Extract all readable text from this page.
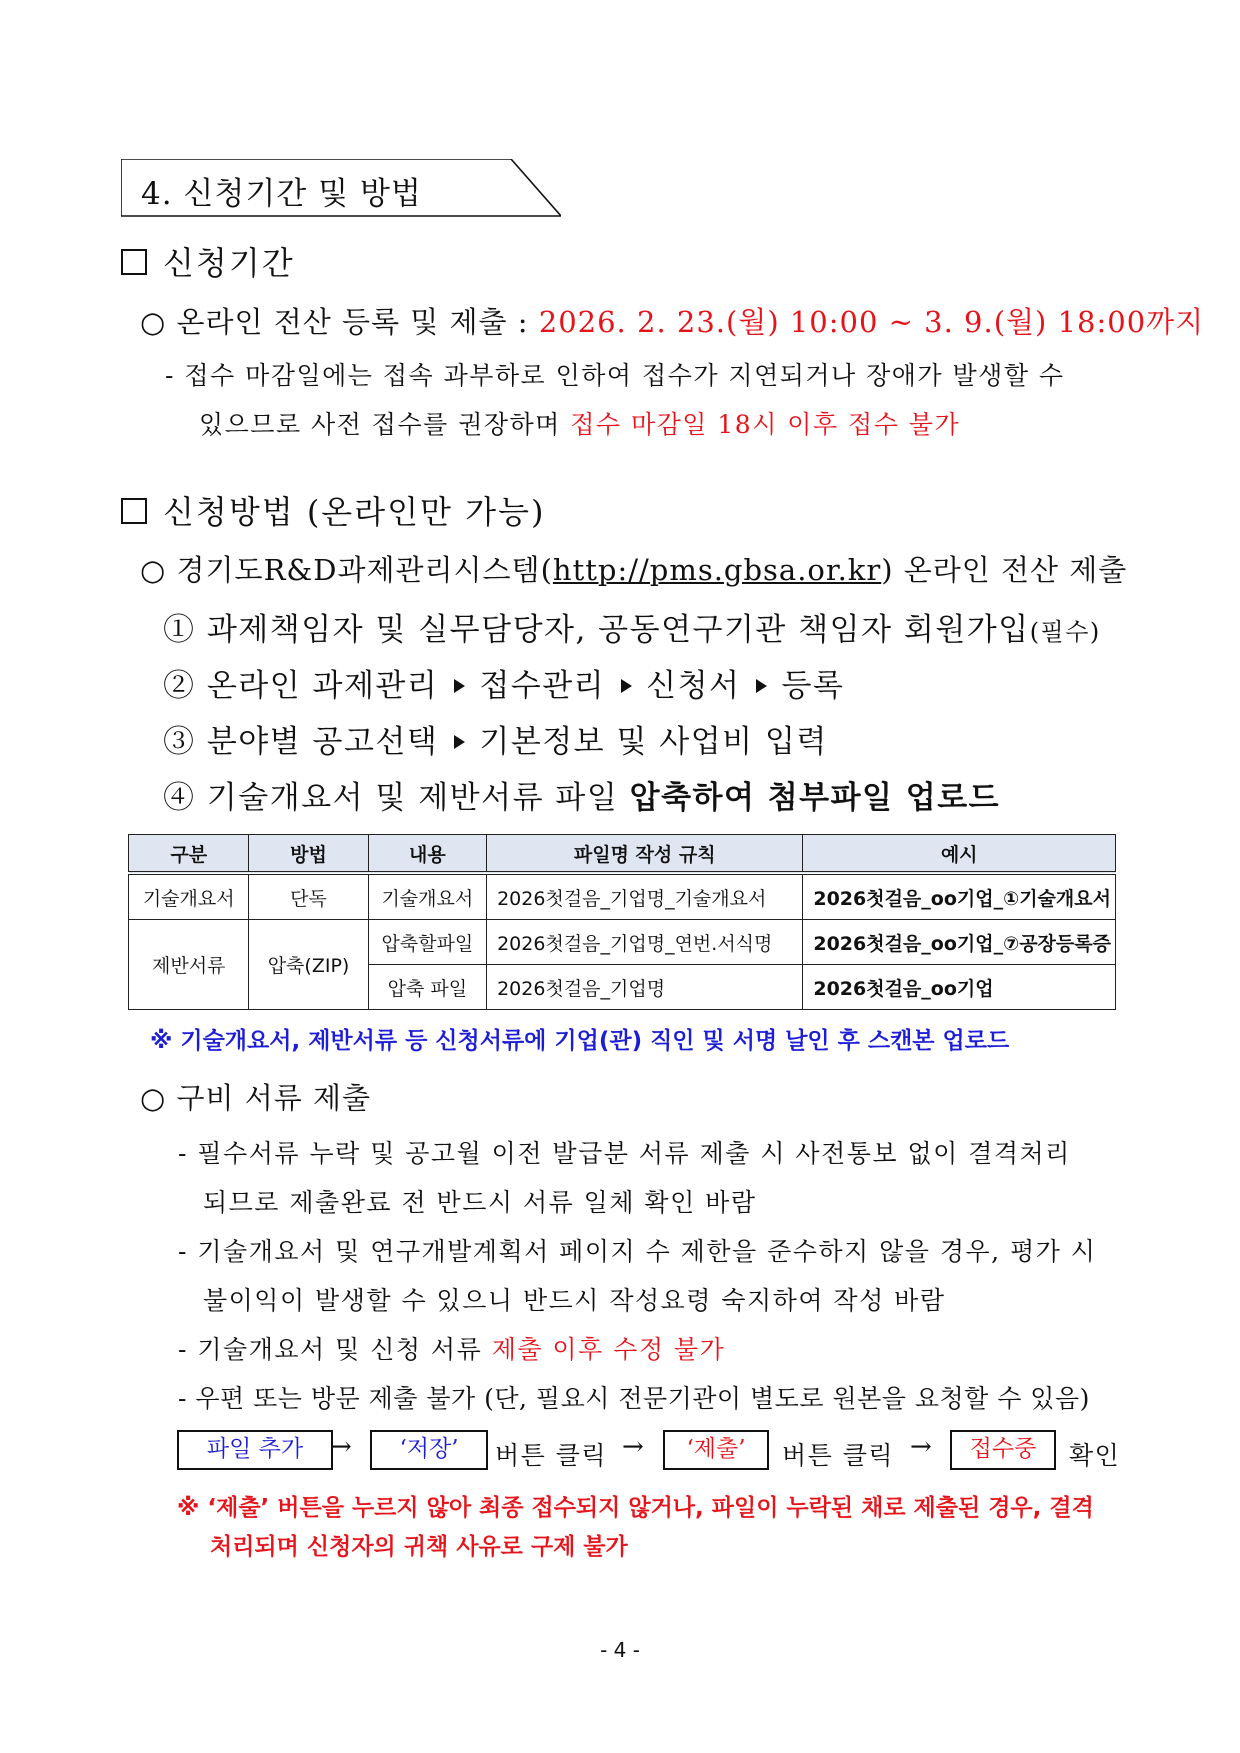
4. 신청기간 및 방법
신청기간
○ 온라인 전산 등록 및 제출 : 2026. 2. 23.(월) 10:00 ~ 3. 9.(월) 18:00까지
- 접수 마감일에는 접속 과부하로 인하여 접수가 지연되거나 장애가 발생할 수
있으므로 사전 접수를 권장하며 접수 마감일 18시 이후 접수 불가
신청방법 (온라인만 가능)
○ 경기도R&D과제관리시스템(http://pms.gbsa.or.kr) 온라인 전산 제출
① 과제책임자 및 실무담당자, 공동연구기관 책임자 회원가입(필수)
② 온라인 과제관리 접수관리 신청서 등록
③ 분야별 공고선택 기본정보 및 사업비 입력
④ 기술개요서 및 제반서류 파일 압축하여 첨부파일 업로드
구분	방법	내용	파일명 작성 규칙	예시
기술개요서	단독	기술개요서	2026첫걸음_기업명_기술개요서	2026첫걸음_oo기업_①기술개요서
제반서류	압축(ZIP)	압축할파일	2026첫걸음_기업명_연번.서식명	2026첫걸음_oo기업_⑦공장등록증
		압축 파일	2026첫걸음_기업명	2026첫걸음_oo기업
※ 기술개요서, 제반서류 등 신청서류에 기업(관) 직인 및 서명 날인 후 스캔본 업로드
○ 구비 서류 제출
- 필수서류 누락 및 공고월 이전 발급분 서류 제출 시 사전통보 없이 결격처리
되므로 제출완료 전 반드시 서류 일체 확인 바람
- 기술개요서 및 연구개발계획서 페이지 수 제한을 준수하지 않을 경우, 평가 시
불이익이 발생할 수 있으니 반드시 작성요령 숙지하여 작성 바람
- 기술개요서 및 신청 서류 제출 이후 수정 불가
- 우편 또는 방문 제출 불가 (단, 필요시 전문기관이 별도로 원본을 요청할 수 있음)
파일 추가	→	‘저장’	버튼 클릭 →	‘제출’	버튼 클릭 →	접수중	확인
※ ‘제출’ 버튼을 누르지 않아 최종 접수되지 않거나, 파일이 누락된 채로 제출된 경우, 결격
처리되며 신청자의 귀책 사유로 구제 불가
- 4 -
